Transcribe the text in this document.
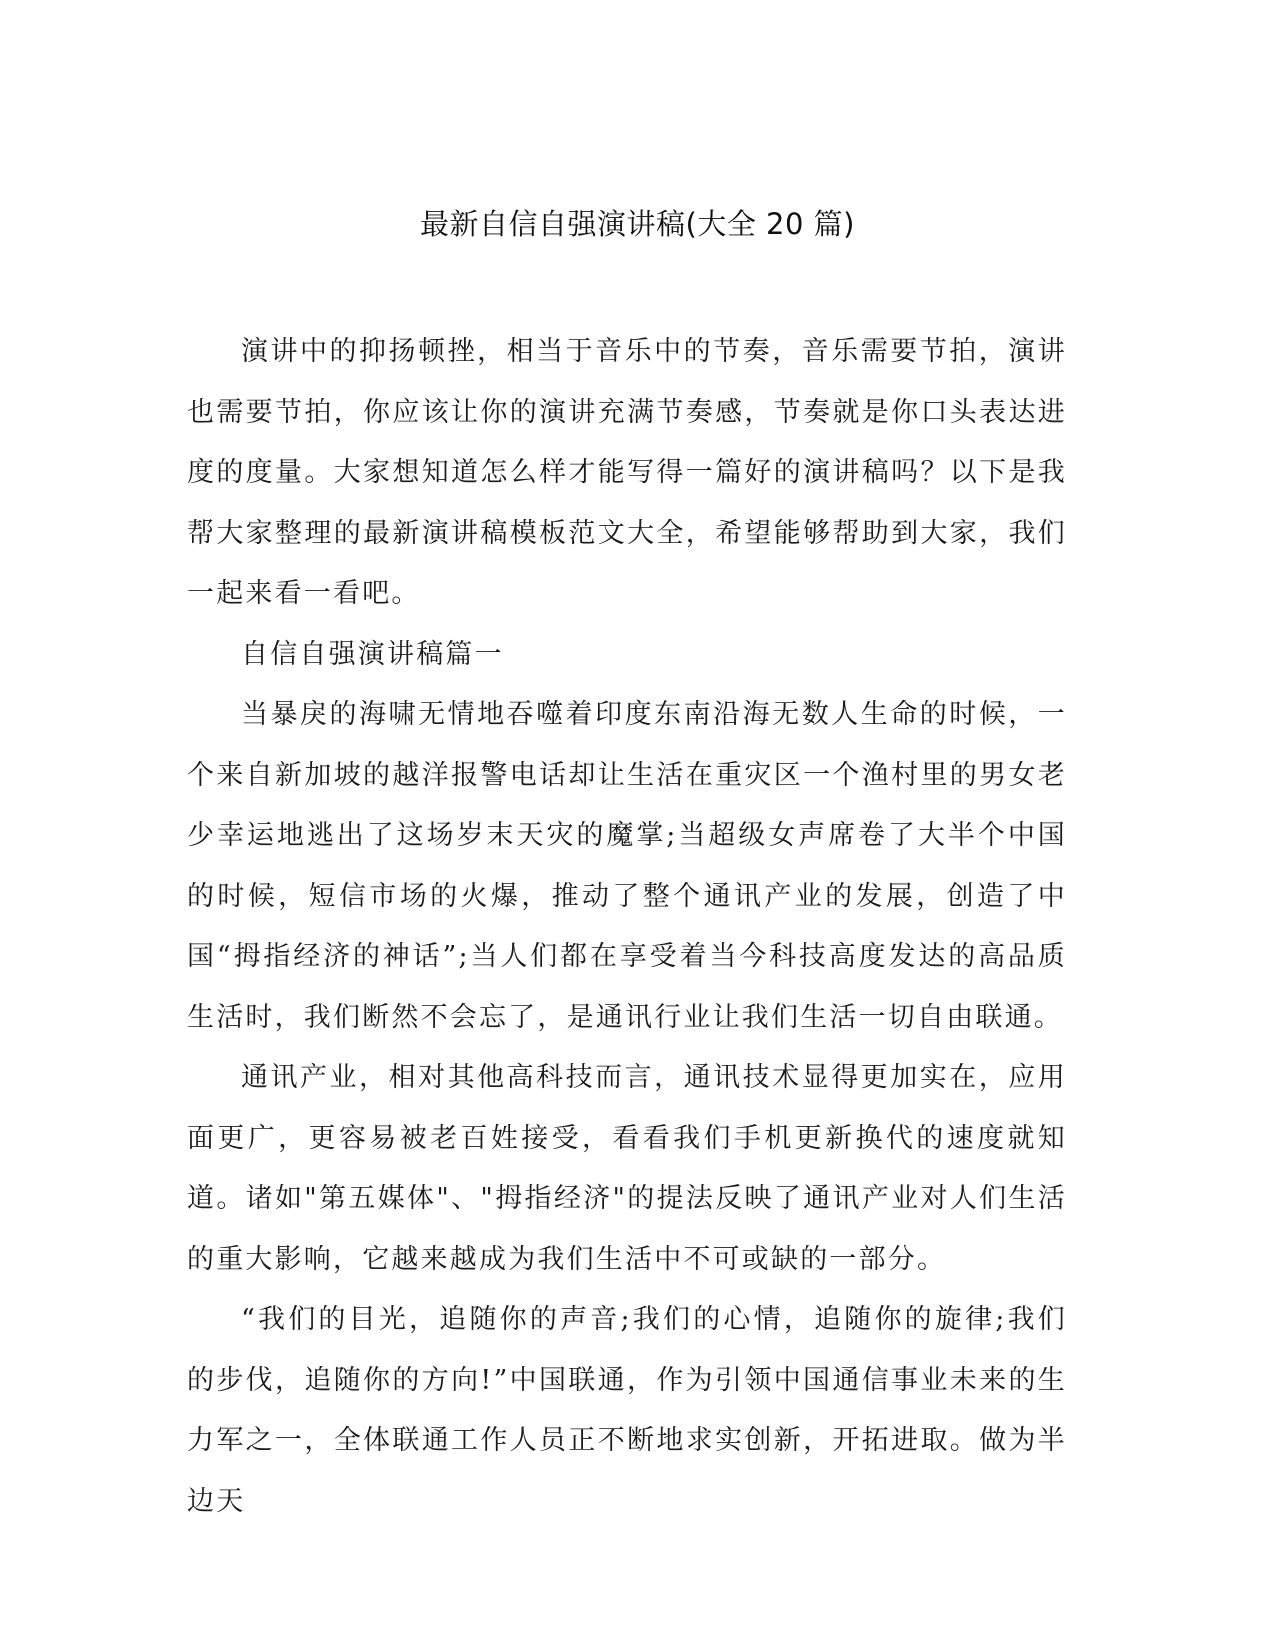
最新自信自强演讲稿(大全 20 篇)

演讲中的抑扬顿挫，相当于音乐中的节奏，音乐需要节拍，演讲也需要节拍，你应该让你的演讲充满节奏感，节奏就是你口头表达进度的度量。大家想知道怎么样才能写得一篇好的演讲稿吗？以下是我帮大家整理的最新演讲稿模板范文大全，希望能够帮助到大家，我们一起来看一看吧。

自信自强演讲稿篇一

当暴戾的海啸无情地吞噬着印度东南沿海无数人生命的时候，一个来自新加坡的越洋报警电话却让生活在重灾区一个渔村里的男女老少幸运地逃出了这场岁末天灾的魔掌;当超级女声席卷了大半个中国的时候，短信市场的火爆，推动了整个通讯产业的发展，创造了中国“拇指经济的神话”;当人们都在享受着当今科技高度发达的高品质生活时，我们断然不会忘了，是通讯行业让我们生活一切自由联通。

通讯产业，相对其他高科技而言，通讯技术显得更加实在，应用面更广，更容易被老百姓接受，看看我们手机更新换代的速度就知道。诸如"第五媒体"、"拇指经济"的提法反映了通讯产业对人们生活的重大影响，它越来越成为我们生活中不可或缺的一部分。

“我们的目光，追随你的声音;我们的心情，追随你的旋律;我们的步伐，追随你的方向!”中国联通，作为引领中国通信事业未来的生力军之一，全体联通工作人员正不断地求实创新，开拓进取。做为半边天
